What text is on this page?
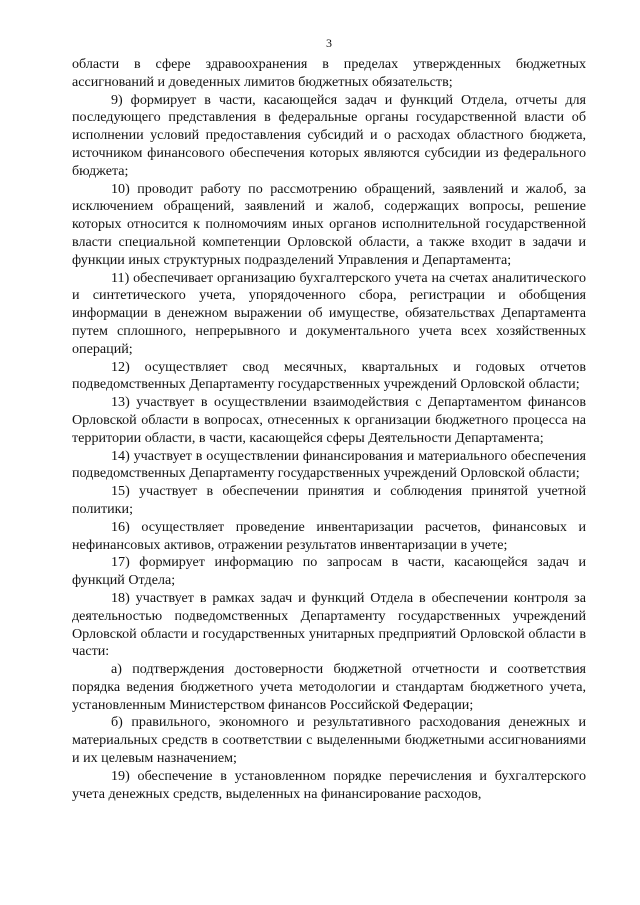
3

области в сфере здравоохранения в пределах утвержденных бюджетных ассигнований и доведенных лимитов бюджетных обязательств;

9) формирует в части, касающейся задач и функций Отдела, отчеты для последующего представления в федеральные органы государственной власти об исполнении условий предоставления субсидий и о расходах областного бюджета, источником финансового обеспечения которых являются субсидии из федерального бюджета;

10) проводит работу по рассмотрению обращений, заявлений и жалоб, за исключением обращений, заявлений и жалоб, содержащих вопросы, решение которых относится к полномочиям иных органов исполнительной государственной власти специальной компетенции Орловской области, а также входит в задачи и функции иных структурных подразделений Управления и Департамента;

11) обеспечивает организацию бухгалтерского учета на счетах аналитического и синтетического учета, упорядоченного сбора, регистрации и обобщения информации в денежном выражении об имуществе, обязательствах Департамента путем сплошного, непрерывного и документального учета всех хозяйственных операций;

12) осуществляет свод месячных, квартальных и годовых отчетов подведомственных Департаменту государственных учреждений Орловской области;

13) участвует в осуществлении взаимодействия с Департаментом финансов Орловской области в вопросах, отнесенных к организации бюджетного процесса на территории области, в части, касающейся сферы Деятельности Департамента;

14) участвует в осуществлении финансирования и материального обеспечения подведомственных Департаменту государственных учреждений Орловской области;

15) участвует в обеспечении принятия и соблюдения принятой учетной политики;

16) осуществляет проведение инвентаризации расчетов, финансовых и нефинансовых активов, отражении результатов инвентаризации в учете;

17) формирует информацию по запросам в части, касающейся задач и функций Отдела;

18) участвует в рамках задач и функций Отдела в обеспечении контроля за деятельностью подведомственных Департаменту государственных учреждений Орловской области и государственных унитарных предприятий Орловской области в части:

а) подтверждения достоверности бюджетной отчетности и соответствия порядка ведения бюджетного учета методологии и стандартам бюджетного учета, установленным Министерством финансов Российской Федерации;

б) правильного, экономного и результативного расходования денежных и материальных средств в соответствии с выделенными бюджетными ассигнованиями и их целевым назначением;

19) обеспечение в установленном порядке перечисления и бухгалтерского учета денежных средств, выделенных на финансирование расходов,
